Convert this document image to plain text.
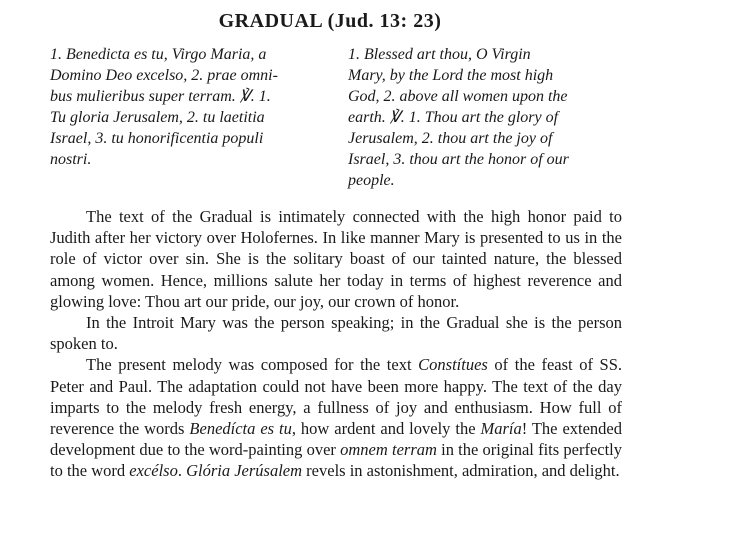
GRADUAL (Jud. 13: 23)
1. Benedicta es tu, Virgo Maria, a
Domino Deo excelso, 2. prae omni-
bus mulieribus super terram. ℣. 1.
Tu gloria Jerusalem, 2. tu laetitia
Israel, 3. tu honorificentia populi
nostri.
1. Blessed art thou, O Virgin
Mary, by the Lord the most high
God, 2. above all women upon the
earth. ℣. 1. Thou art the glory of
Jerusalem, 2. thou art the joy of
Israel, 3. thou art the honor of our
people.

The text of the Gradual is intimately connected with the high honor paid to Judith after her victory over Holofernes. In like manner Mary is presented to us in the role of victor over sin. She is the solitary boast of our tainted nature, the blessed among women. Hence, millions salute her today in terms of highest reverence and glowing love: Thou art our pride, our joy, our crown of honor.

In the Introit Mary was the person speaking; in the Gradual she is the person spoken to.

The present melody was composed for the text Constítues of the feast of SS. Peter and Paul. The adaptation could not have been more happy. The text of the day imparts to the melody fresh energy, a fullness of joy and enthusiasm. How full of reverence the words Benedícta es tu, how ardent and lovely the María! The extended development due to the word-painting over omnem terram in the original fits perfectly to the word excélso. Glória Jerúsalem revels in astonishment, admiration, and delight.
